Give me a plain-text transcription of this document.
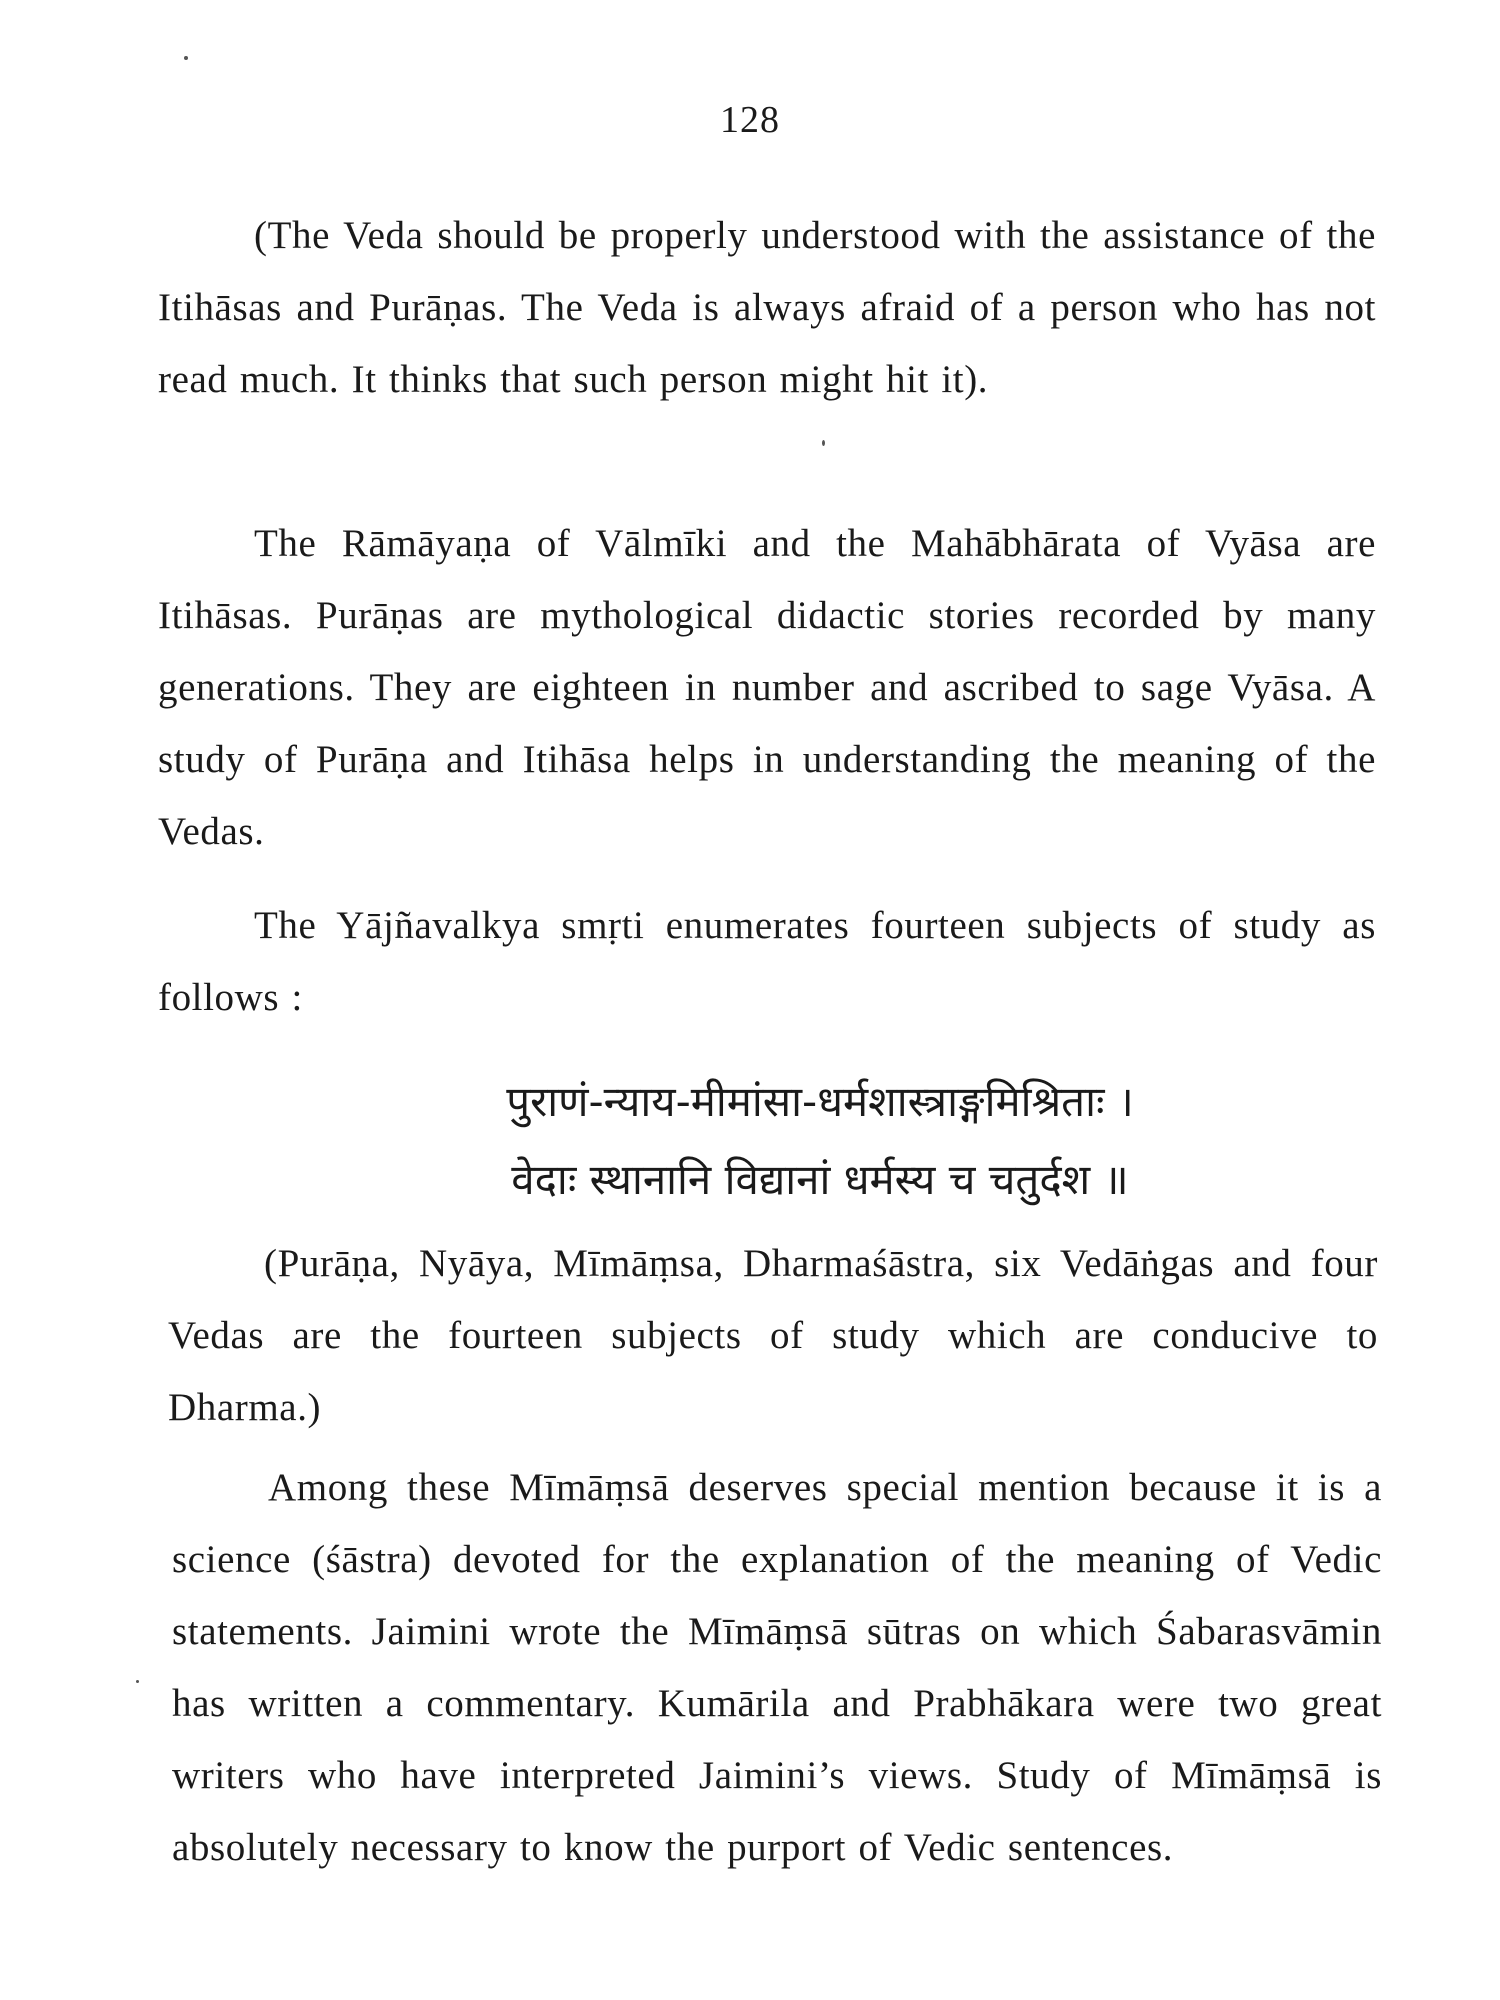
128

(The Veda should be properly understood with the assistance of the Itihāsas and Purāṇas. The Veda is always afraid of a person who has not read much. It thinks that such person might hit it).

The Rāmāyaṇa of Vālmīki and the Mahābhārata of Vyāsa are Itihāsas. Purāṇas are mythological didactic stories recorded by many generations. They are eighteen in number and ascribed to sage Vyāsa. A study of Purāṇa and Itihāsa helps in understanding the meaning of the Vedas.

The Yājñavalkya smṛti enumerates fourteen subjects of study as follows :

पुराणं-न्याय-मीमांसा-धर्मशास्त्राङ्गमिश्रिताः ।
वेदाः स्थानानि विद्यानां धर्मस्य च चतुर्दश ॥

(Purāṇa, Nyāya, Mīmāṃsa, Dharmaśāstra, six Vedāṅgas and four Vedas are the fourteen subjects of study which are conducive to Dharma.)

Among these Mīmāṃsā deserves special mention because it is a science (śāstra) devoted for the explanation of the meaning of Vedic statements. Jaimini wrote the Mīmāṃsā sūtras on which Śabarasvāmin has written a commentary. Kumārila and Prabhākara were two great writers who have interpreted Jaimini’s views. Study of Mīmāṃsā is absolutely necessary to know the purport of Vedic sentences.
